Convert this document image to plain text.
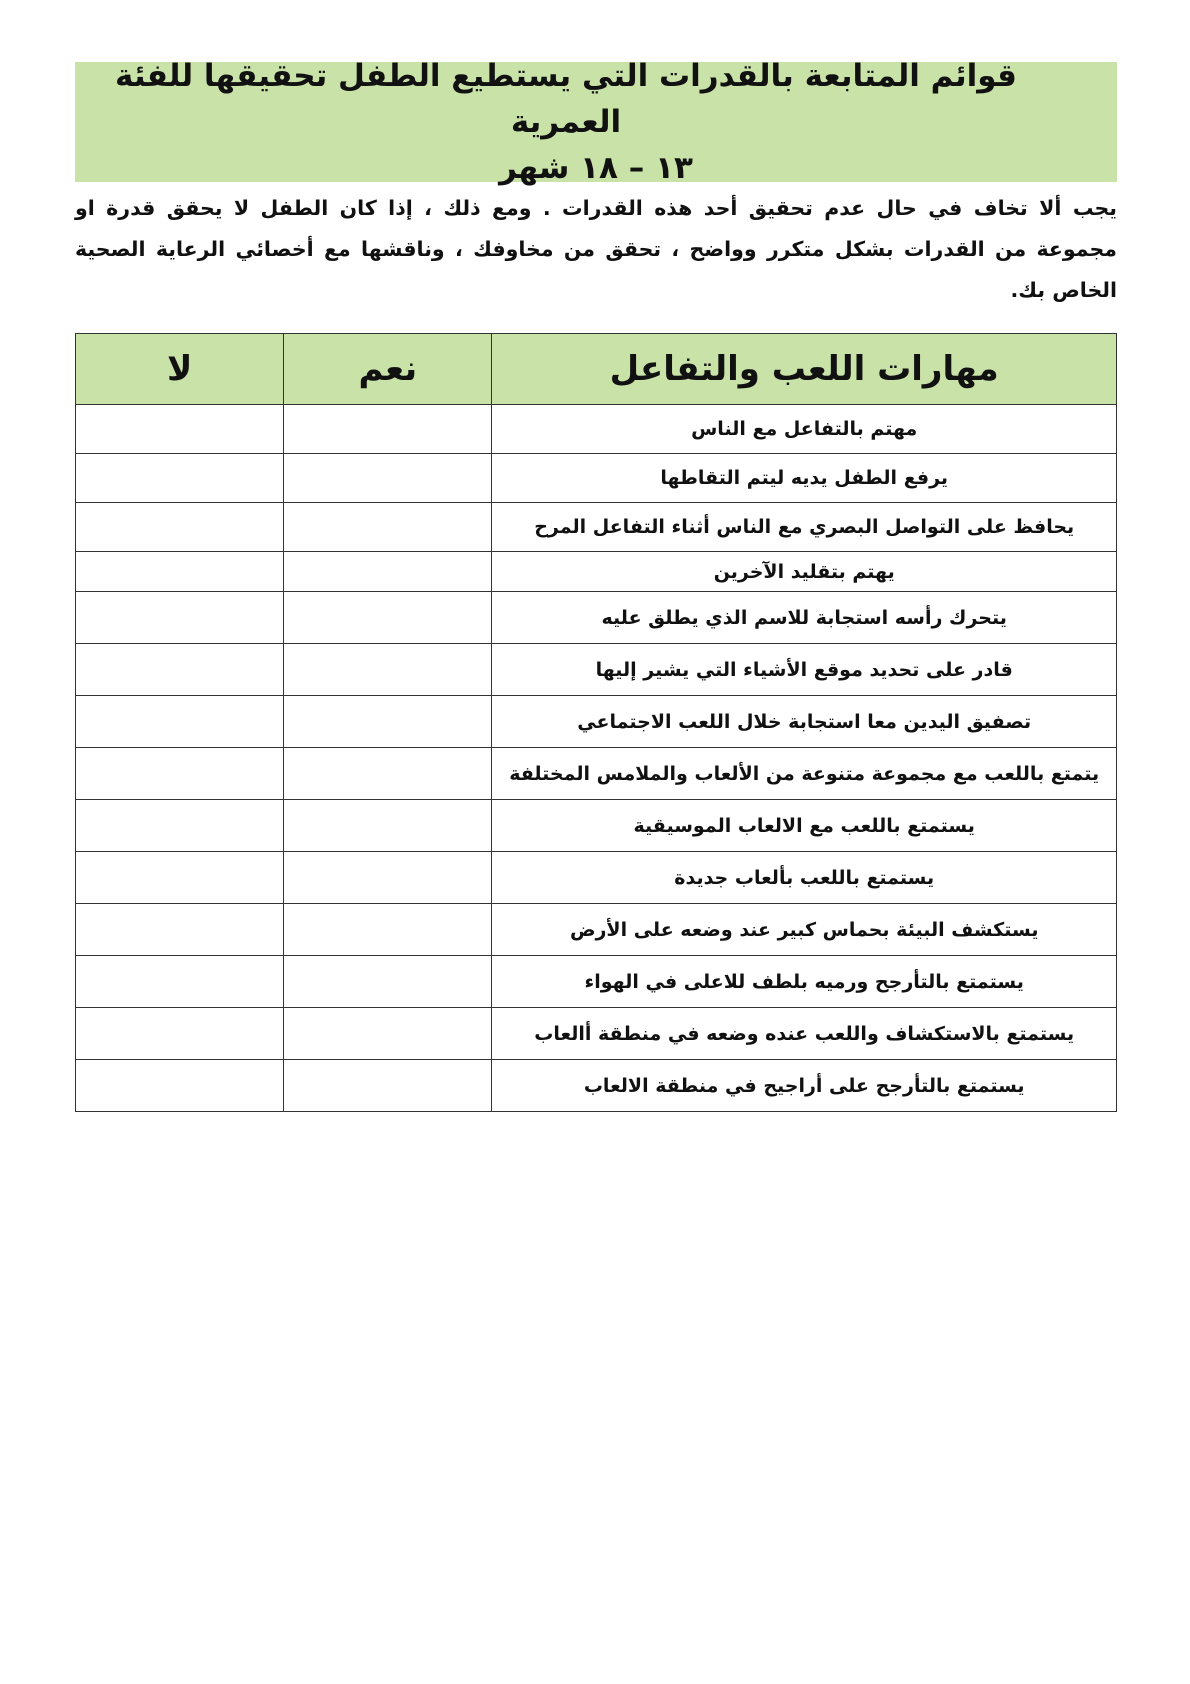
قوائم المتابعة بالقدرات التي يستطيع الطفل تحقيقها للفئة العمرية
١٣ – ١٨ شهر
يجب ألا تخاف في حال عدم تحقيق أحد هذه القدرات . ومع ذلك ، إذا كان الطفل لا يحقق قدرة او مجموعة من القدرات بشكل متكرر وواضح ، تحقق من مخاوفك ، وناقشها مع أخصائي الرعاية الصحية الخاص بك.
مهارات اللعب والتفاعل	نعم	لا
مهتم بالتفاعل مع الناس		
يرفع الطفل يديه ليتم التقاطها		
يحافظ على التواصل البصري مع الناس أثناء التفاعل المرح		
يهتم بتقليد الآخرين		
يتحرك رأسه استجابة للاسم الذي يطلق عليه		
قادر على تحديد موقع الأشياء التي يشير إليها		
تصفيق اليدين معا استجابة خلال اللعب الاجتماعي		
يتمتع باللعب مع مجموعة متنوعة من الألعاب والملامس المختلفة		
يستمتع باللعب مع الالعاب الموسيقية		
يستمتع باللعب بألعاب جديدة		
يستكشف البيئة بحماس كبير عند وضعه على الأرض		
يستمتع بالتأرجح ورميه بلطف للاعلى في الهواء		
يستمتع بالاستكشاف واللعب عنده وضعه في منطقة أالعاب		
يستمتع بالتأرجح على أراجيح في منطقة الالعاب		
